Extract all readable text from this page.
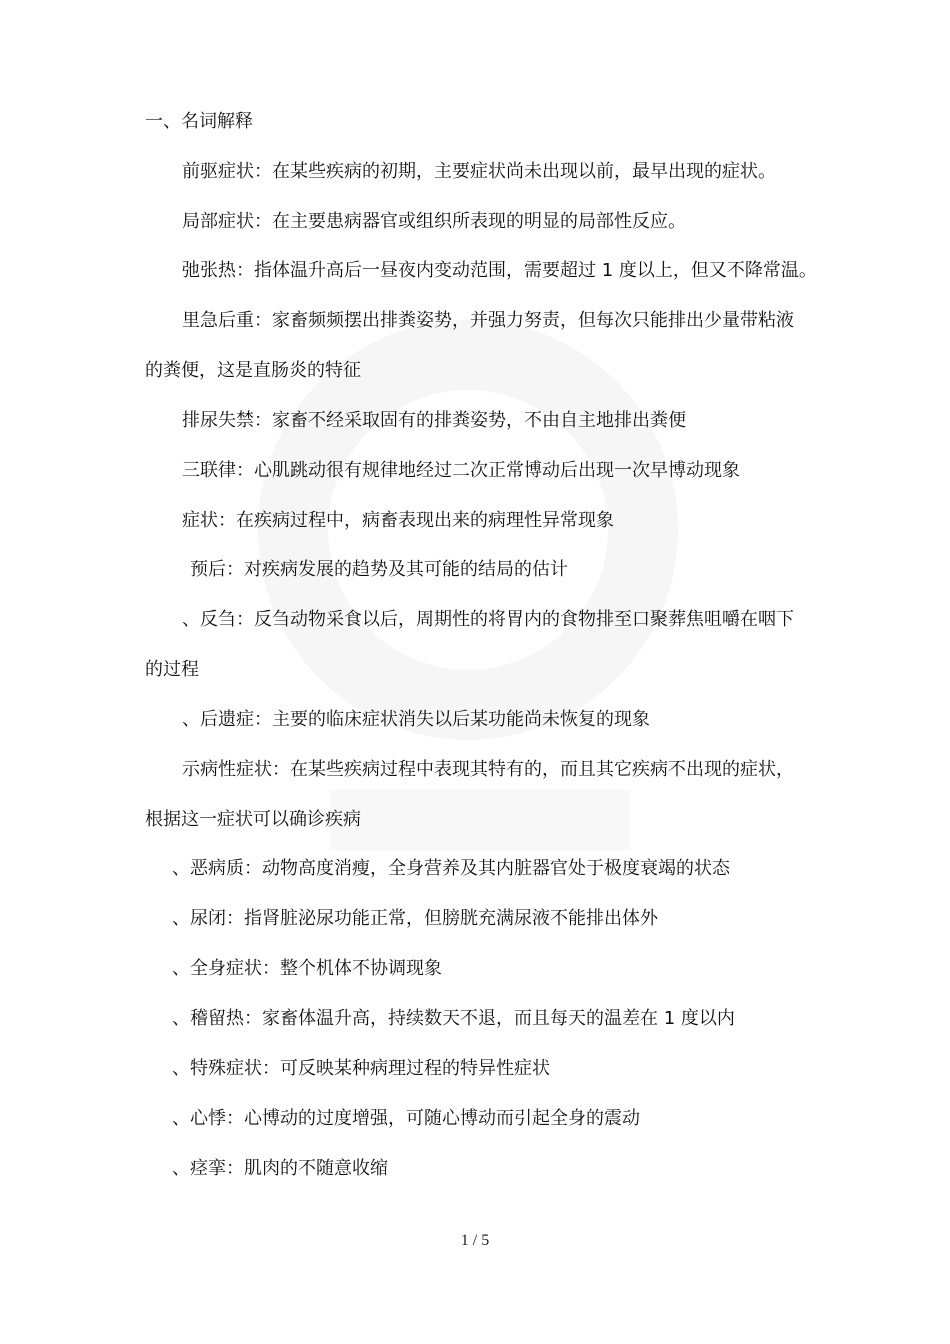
一、名词解释
前驱症状：在某些疾病的初期，主要症状尚未出现以前，最早出现的症状。
局部症状：在主要患病器官或组织所表现的明显的局部性反应。
弛张热：指体温升高后一昼夜内变动范围，需要超过 1 度以上，但又不降常温。
里急后重：家畜频频摆出排粪姿势，并强力努责，但每次只能排出少量带粘液
的粪便，这是直肠炎的特征
排尿失禁：家畜不经采取固有的排粪姿势，不由自主地排出粪便
三联律：心肌跳动很有规律地经过二次正常博动后出现一次早博动现象
症状：在疾病过程中，病畜表现出来的病理性异常现象
预后：对疾病发展的趋势及其可能的结局的估计
、反刍：反刍动物采食以后，周期性的将胃内的食物排至口聚葬焦咀嚼在咽下
的过程
、后遗症：主要的临床症状消失以后某功能尚未恢复的现象
示病性症状：在某些疾病过程中表现其特有的，而且其它疾病不出现的症状，
根据这一症状可以确诊疾病
、恶病质：动物高度消瘦，全身营养及其内脏器官处于极度衰竭的状态
、尿闭：指肾脏泌尿功能正常，但膀胱充满尿液不能排出体外
、全身症状：整个机体不协调现象
、稽留热：家畜体温升高，持续数天不退，而且每天的温差在 1 度以内
、特殊症状：可反映某种病理过程的特异性症状
、心悸：心博动的过度增强，可随心博动而引起全身的震动
、痉挛：肌肉的不随意收缩
1 / 5
